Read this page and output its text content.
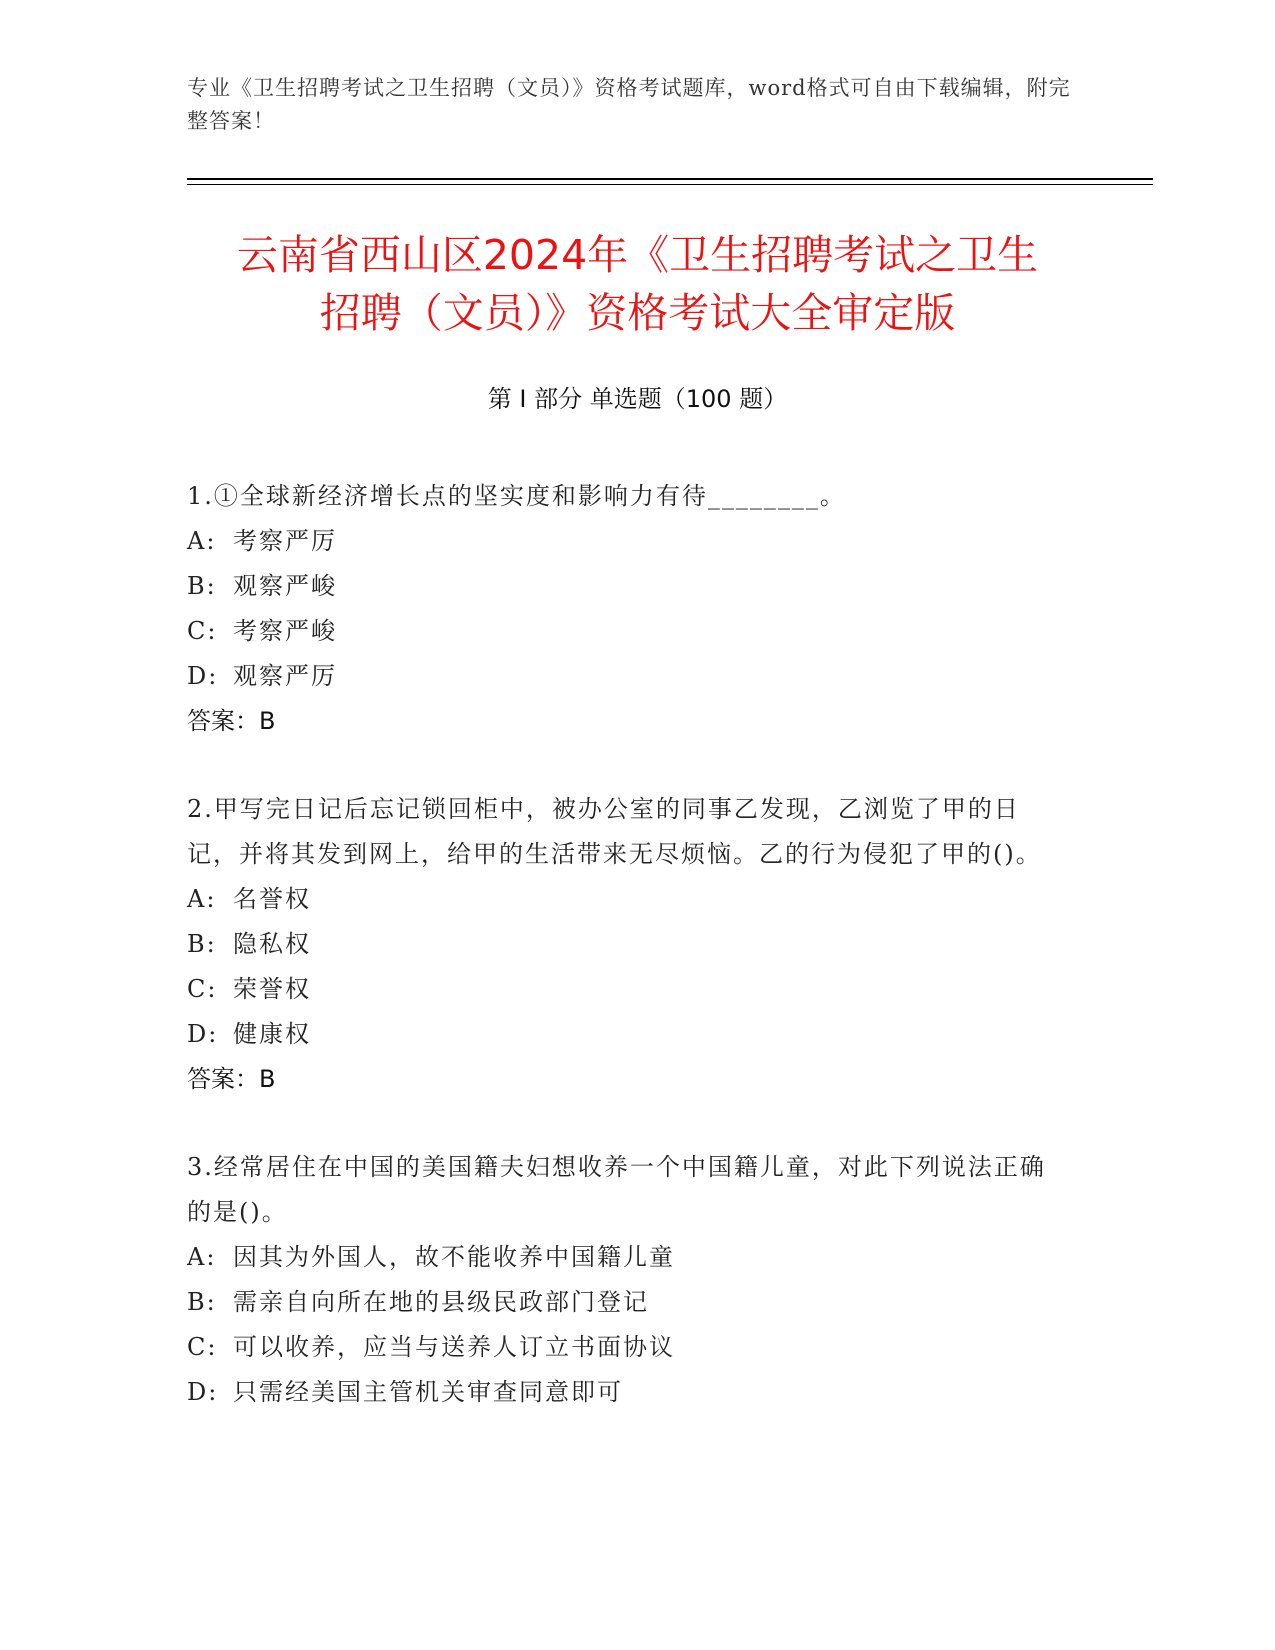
专业《卫生招聘考试之卫生招聘（文员）》资格考试题库，word格式可自由下载编辑，附完整答案！
云南省西山区2024年《卫生招聘考试之卫生
招聘（文员）》资格考试大全审定版
第 I 部分 单选题（100 题）

1.①全球新经济增长点的坚实度和影响力有待________。

A: 考察严厉
B: 观察严峻
C: 考察严峻
D: 观察严厉

答案：B

2.甲写完日记后忘记锁回柜中，被办公室的同事乙发现，乙浏览了甲的日记，并将其发到网上，给甲的生活带来无尽烦恼。乙的行为侵犯了甲的()。

A: 名誉权
B: 隐私权
C: 荣誉权
D: 健康权

答案：B

3.经常居住在中国的美国籍夫妇想收养一个中国籍儿童，对此下列说法正确的是()。

A: 因其为外国人，故不能收养中国籍儿童
B: 需亲自向所在地的县级民政部门登记
C: 可以收养，应当与送养人订立书面协议
D: 只需经美国主管机关审查同意即可
